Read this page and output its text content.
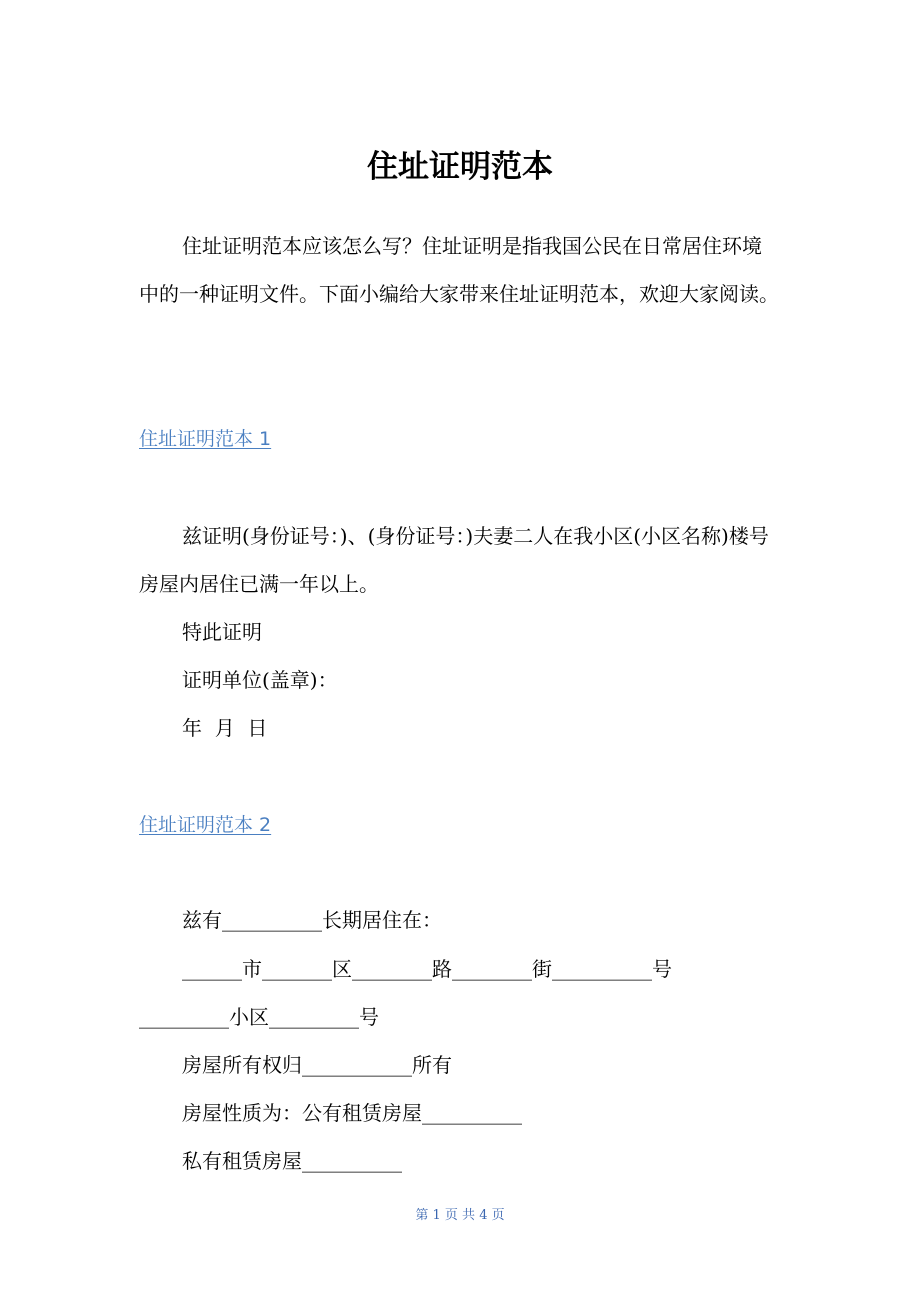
住址证明范本

住址证明范本应该怎么写？住址证明是指我国公民在日常居住环境中的一种证明文件。下面小编给大家带来住址证明范本，欢迎大家阅读。

住址证明范本 1

兹证明(身份证号：)、(身份证号：)夫妻二人在我小区(小区名称)楼号房屋内居住已满一年以上。

特此证明
证明单位(盖章)：
年  月  日
住址证明范本 2
兹有__________长期居住在：
______市_______区________路________街__________号
_________小区_________号
房屋所有权归___________所有
房屋性质为：公有租赁房屋__________
私有租赁房屋__________
第 1 页 共 4 页
